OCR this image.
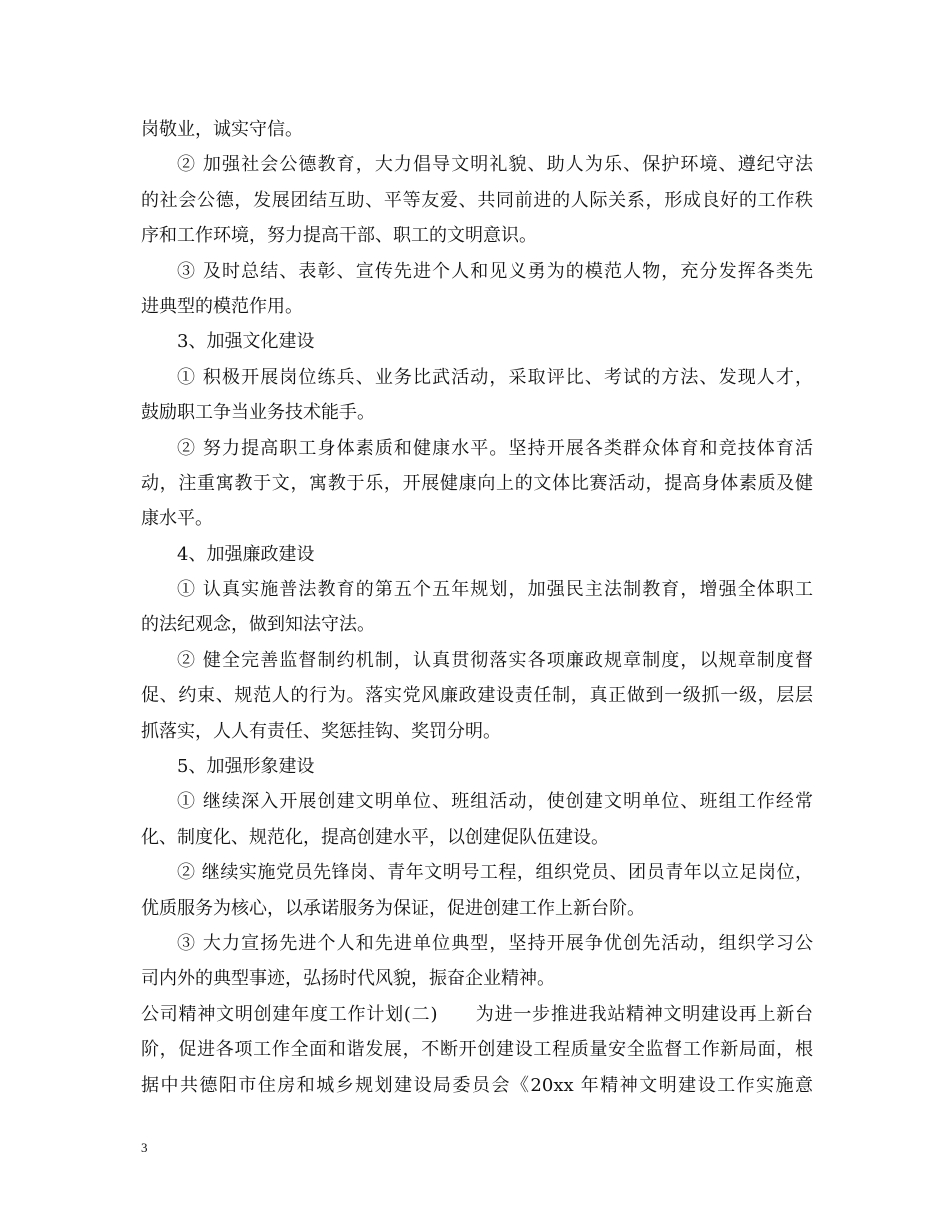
岗敬业，诚实守信。
② 加强社会公德教育，大力倡导文明礼貌、助人为乐、保护环境、遵纪守法
的社会公德，发展团结互助、平等友爱、共同前进的人际关系，形成良好的工作秩
序和工作环境，努力提高干部、职工的文明意识。
③ 及时总结、表彰、宣传先进个人和见义勇为的模范人物，充分发挥各类先
进典型的模范作用。
3、加强文化建设
① 积极开展岗位练兵、业务比武活动，采取评比、考试的方法、发现人才，
鼓励职工争当业务技术能手。
② 努力提高职工身体素质和健康水平。坚持开展各类群众体育和竞技体育活
动，注重寓教于文，寓教于乐，开展健康向上的文体比赛活动，提高身体素质及健
康水平。
4、加强廉政建设
① 认真实施普法教育的第五个五年规划，加强民主法制教育，增强全体职工
的法纪观念，做到知法守法。
② 健全完善监督制约机制，认真贯彻落实各项廉政规章制度，以规章制度督
促、约束、规范人的行为。落实党风廉政建设责任制，真正做到一级抓一级，层层
抓落实，人人有责任、奖惩挂钩、奖罚分明。
5、加强形象建设
① 继续深入开展创建文明单位、班组活动，使创建文明单位、班组工作经常
化、制度化、规范化，提高创建水平，以创建促队伍建设。
② 继续实施党员先锋岗、青年文明号工程，组织党员、团员青年以立足岗位，
优质服务为核心，以承诺服务为保证，促进创建工作上新台阶。
③ 大力宣扬先进个人和先进单位典型，坚持开展争优创先活动，组织学习公
司内外的典型事迹，弘扬时代风貌，振奋企业精神。
公司精神文明创建年度工作计划(二)　　为进一步推进我站精神文明建设再上新台
阶，促进各项工作全面和谐发展，不断开创建设工程质量安全监督工作新局面，根
据中共德阳市住房和城乡规划建设局委员会《20xx 年精神文明建设工作实施意
3
